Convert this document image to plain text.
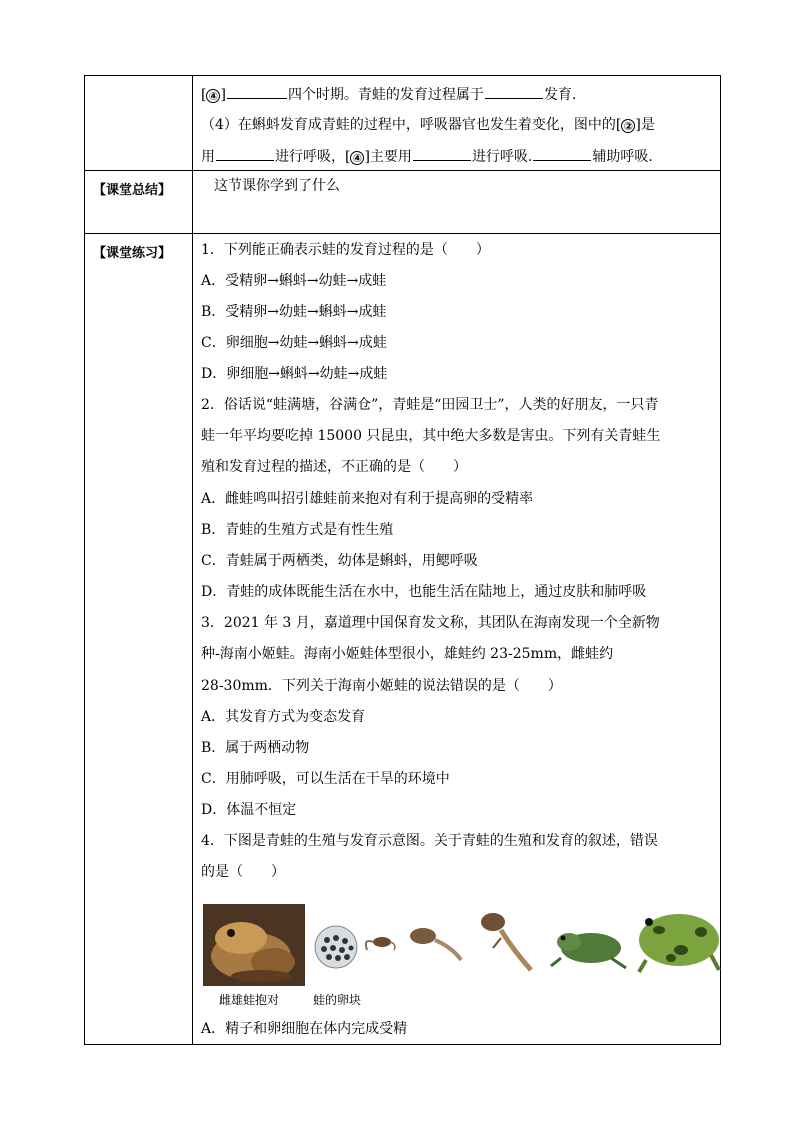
[ ④ ]	四个时期。青蛙的发育过程属于	发育.
（4）在蝌蚪发育成青蛙的过程中，呼吸器官也发生着变化，图中的[ ② ]是
用	进行呼吸，[ ④ ]主要用	进行呼吸.	辅助呼吸.
【课堂总结】	这节课你学到了什么
【课堂练习】 1．下列能正确表示蛙的发育过程的是（　　）
A．受精卵→蝌蚪→幼蛙→成蛙
B．受精卵→幼蛙→蝌蚪→成蛙
C．卵细胞→幼蛙→蝌蚪→成蛙
D．卵细胞→蝌蚪→幼蛙→成蛙
2．俗话说“蛙满塘，谷满仓”，青蛙是“田园卫士”，人类的好朋友，一只青
蛙一年平均要吃掉 15000 只昆虫，其中绝大多数是害虫。下列有关青蛙生
殖和发育过程的描述，不正确的是（　　）
A．雌蛙鸣叫招引雄蛙前来抱对有利于提高卵的受精率
B．青蛙的生殖方式是有性生殖
C．青蛙属于两栖类，幼体是蝌蚪，用鳃呼吸
D．青蛙的成体既能生活在水中，也能生活在陆地上，通过皮肤和肺呼吸
3．2021 年 3 月，嘉道理中国保育发文称，其团队在海南发现一个全新物
种-海南小姬蛙。海南小姬蛙体型很小，雄蛙约 23-25mm，雌蛙约
28-30mm．下列关于海南小姬蛙的说法错误的是（　　）
A．其发育方式为变态发育
B．属于两栖动物
C．用肺呼吸，可以生活在干旱的环境中
D．体温不恒定
4．下图是青蛙的生殖与发育示意图。关于青蛙的生殖和发育的叙述，错误
的是（　　）
雌雄蛙抱对	蛙的卵块
A．精子和卵细胞在体内完成受精
